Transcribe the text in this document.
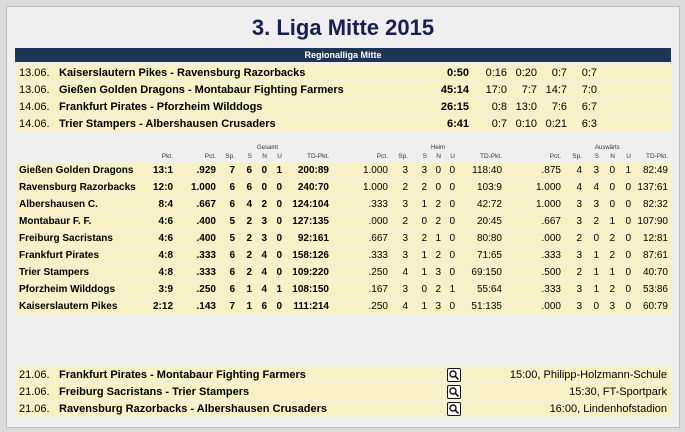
3. Liga Mitte 2015
Regionalliga Mitte
13.06. Kaiserslautern Pikes - Ravensburg Razorbacks	0:50	0:16 0:20	0:7	0:7
13.06. Gießen Golden Dragons - Montabaur Fighting Farmers	45:14	17:0	7:7 14:7	7:0
14.06. Frankfurt Pirates - Pforzheim Wilddogs	26:15	0:8 13:0	7:6	6:7
14.06. Trier Stampers - Albershausen Crusaders	6:41	0:7 0:10 0:21	6:3
Gesamt	Heim	Auswärts
Pkt.	Pct. Sp. S N U	TD-Pkt.	Pct. Sp. S N U	TD-Pkt.	Pct. Sp. S N U TD-Pkt.
Gießen Golden Dragons 13:1 .929 7 6 0 1 200:89	1.000 3 3 0 0 118:40	.875 4 3 0 1 82:49
Ravensburg Razorbacks 12:0 1.000 6 6 0 0 240:70	1.000 2 2 0 0 103:9	1.000 4 4 0 0 137:61
Albershausen C.	8:4 .667 6 4 2 0 124:104	.333 3 1 2 0 42:72	1.000 3 3 0 0 82:32
Montabaur F. F.	4:6 .400 5 2 3 0 127:135	.000 2 0 2 0 20:45	.667 3 2 1 0 107:90
Freiburg Sacristans	4:6 .400 5 2 3 0 92:161	.667 3 2 1 0 80:80	.000 2 0 2 0 12:81
Frankfurt Pirates	4:8 .333 6 2 4 0 158:126	.333 3 1 2 0 71:65	.333 3 1 2 0 87:61
Trier Stampers	4:8 .333 6 2 4 0 109:220	.250 4 1 3 0 69:150	.500 2 1 1 0 40:70
Pforzheim Wilddogs	3:9 .250 6 1 4 1 108:150	.167 3 0 2 1 55:64	.333 3 1 2 0 53:86
Kaiserslautern Pikes	2:12 .143 7 1 6 0 111:214	.250 4 1 3 0 51:135	.000 3 0 3 0 60:79
21.06. Frankfurt Pirates - Montabaur Fighting Farmers	15:00, Philipp-Holzmann-Schule
21.06. Freiburg Sacristans - Trier Stampers	15:30, FT-Sportpark
21.06. Ravensburg Razorbacks - Albershausen Crusaders	16:00, Lindenhofstadion
